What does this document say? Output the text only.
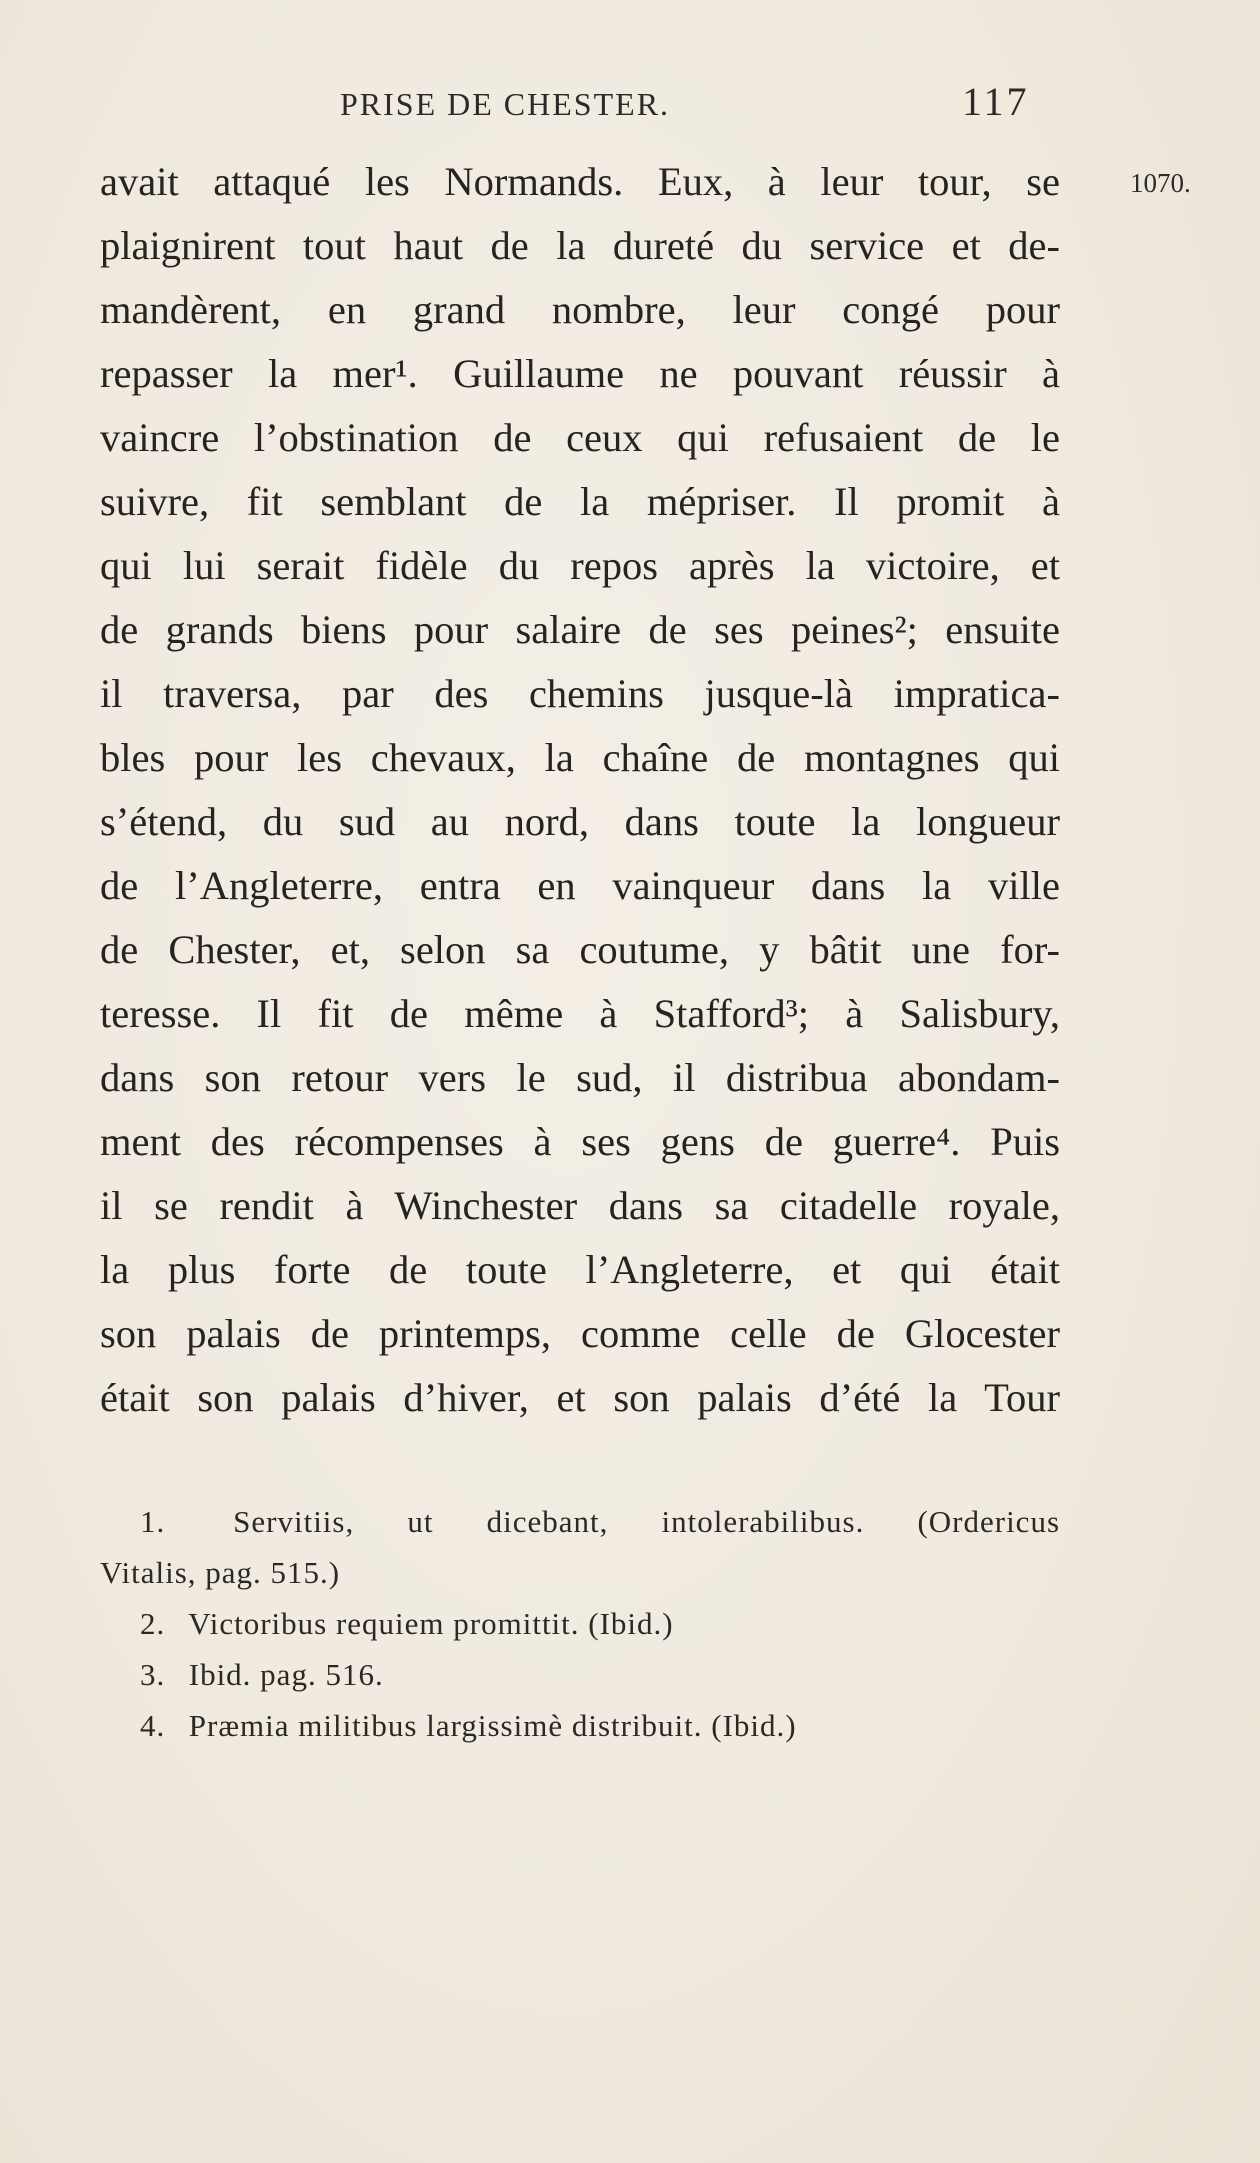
PRISE DE CHESTER.	117
1070.
avait attaqué les Normands. Eux, à leur tour, se
plaignirent tout haut de la dureté du service et de-
mandèrent, en grand nombre, leur congé pour
repasser la mer¹. Guillaume ne pouvant réussir à
vaincre l’obstination de ceux qui refusaient de le
suivre, fit semblant de la mépriser. Il promit à
qui lui serait fidèle du repos après la victoire, et
de grands biens pour salaire de ses peines²; ensuite
il traversa, par des chemins jusque-là impratica-
bles pour les chevaux, la chaîne de montagnes qui
s’étend, du sud au nord, dans toute la longueur
de l’Angleterre, entra en vainqueur dans la ville
de Chester, et, selon sa coutume, y bâtit une for-
teresse. Il fit de même à Stafford³; à Salisbury,
dans son retour vers le sud, il distribua abondam-
ment des récompenses à ses gens de guerre⁴. Puis
il se rendit à Winchester dans sa citadelle royale,
la plus forte de toute l’Angleterre, et qui était
son palais de printemps, comme celle de Glocester
était son palais d’hiver, et son palais d’été la Tour
1. Servitiis, ut dicebant, intolerabilibus. (Ordericus
Vitalis, pag. 515.)
2. Victoribus requiem promittit. (Ibid.)
3. Ibid. pag. 516.
4. Præmia militibus largissimè distribuit. (Ibid.)
